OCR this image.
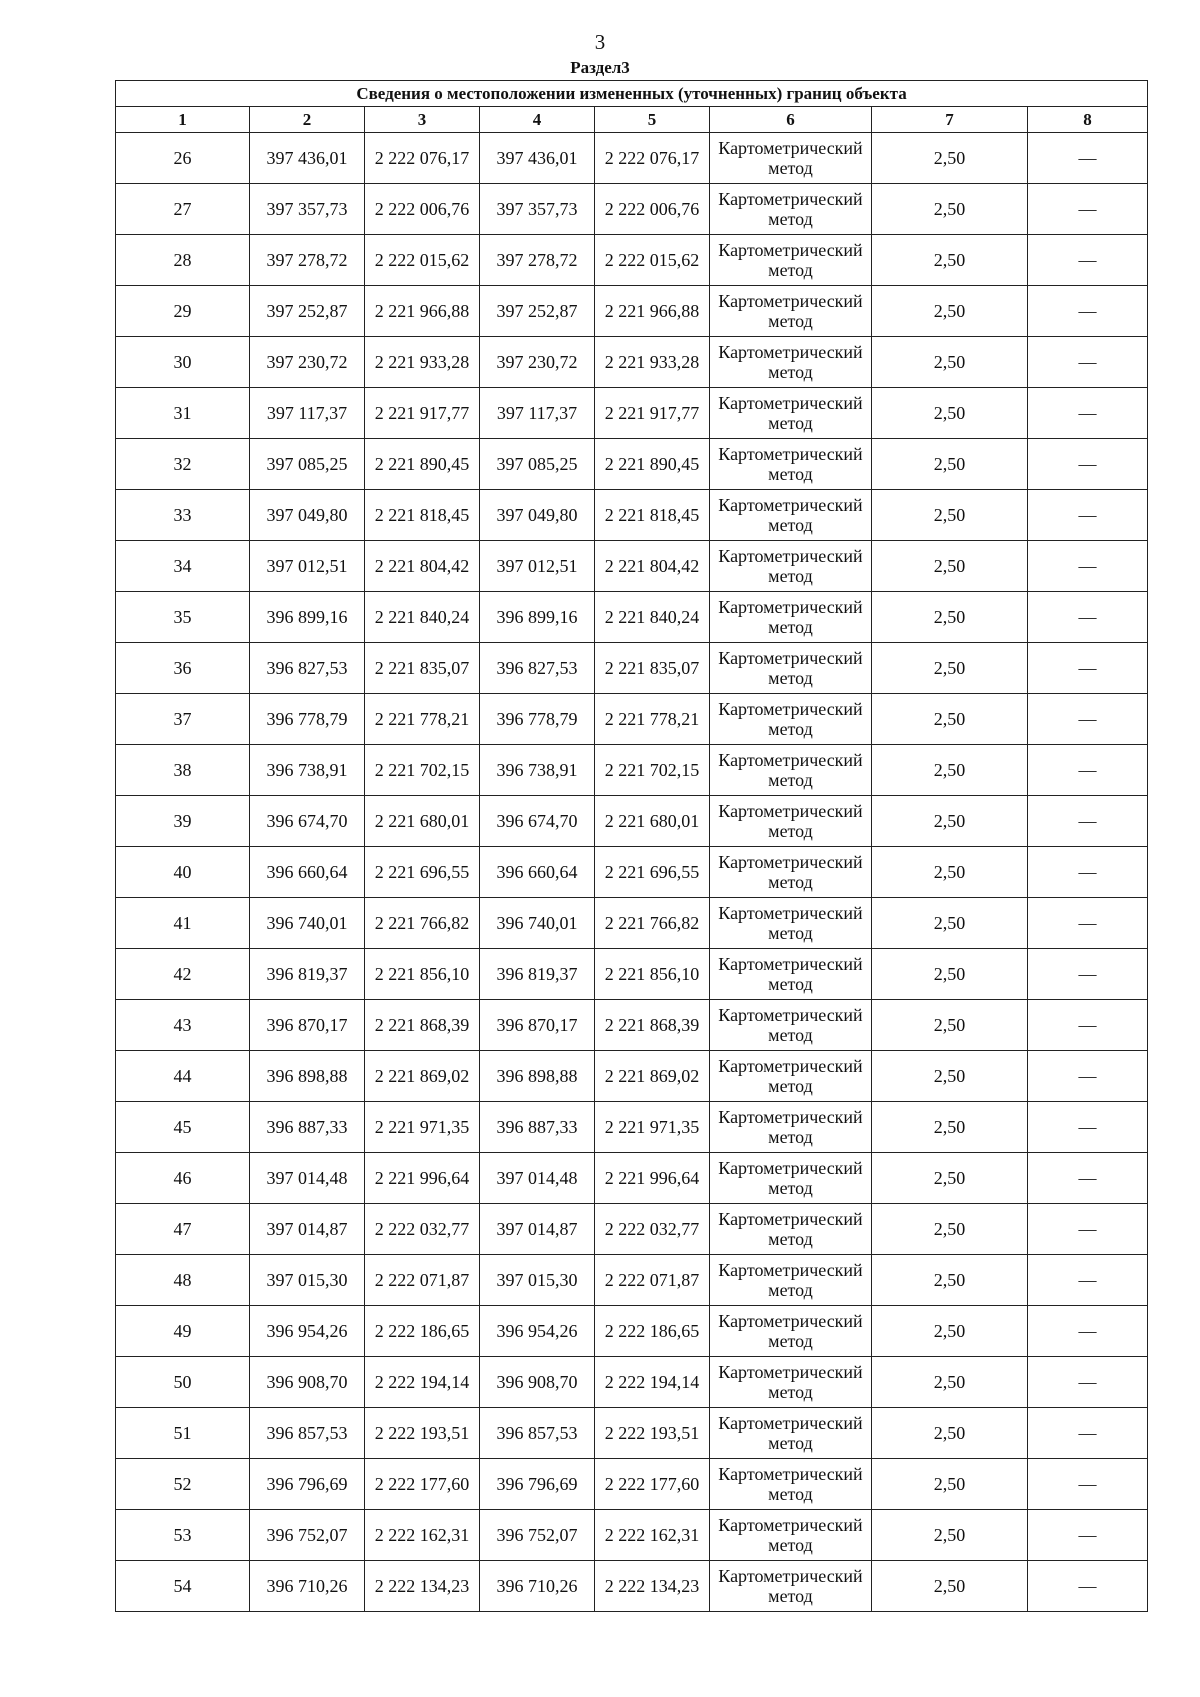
3
Раздел3
Сведения о местоположении измененных (уточненных) границ объекта							
1	2	3	4	5	6	7	8
26	397 436,01	2 222 076,17	397 436,01	2 222 076,17	Картометрический метод	2,50	—
27	397 357,73	2 222 006,76	397 357,73	2 222 006,76	Картометрический метод	2,50	—
28	397 278,72	2 222 015,62	397 278,72	2 222 015,62	Картометрический метод	2,50	—
29	397 252,87	2 221 966,88	397 252,87	2 221 966,88	Картометрический метод	2,50	—
30	397 230,72	2 221 933,28	397 230,72	2 221 933,28	Картометрический метод	2,50	—
31	397 117,37	2 221 917,77	397 117,37	2 221 917,77	Картометрический метод	2,50	—
32	397 085,25	2 221 890,45	397 085,25	2 221 890,45	Картометрический метод	2,50	—
33	397 049,80	2 221 818,45	397 049,80	2 221 818,45	Картометрический метод	2,50	—
34	397 012,51	2 221 804,42	397 012,51	2 221 804,42	Картометрический метод	2,50	—
35	396 899,16	2 221 840,24	396 899,16	2 221 840,24	Картометрический метод	2,50	—
36	396 827,53	2 221 835,07	396 827,53	2 221 835,07	Картометрический метод	2,50	—
37	396 778,79	2 221 778,21	396 778,79	2 221 778,21	Картометрический метод	2,50	—
38	396 738,91	2 221 702,15	396 738,91	2 221 702,15	Картометрический метод	2,50	—
39	396 674,70	2 221 680,01	396 674,70	2 221 680,01	Картометрический метод	2,50	—
40	396 660,64	2 221 696,55	396 660,64	2 221 696,55	Картометрический метод	2,50	—
41	396 740,01	2 221 766,82	396 740,01	2 221 766,82	Картометрический метод	2,50	—
42	396 819,37	2 221 856,10	396 819,37	2 221 856,10	Картометрический метод	2,50	—
43	396 870,17	2 221 868,39	396 870,17	2 221 868,39	Картометрический метод	2,50	—
44	396 898,88	2 221 869,02	396 898,88	2 221 869,02	Картометрический метод	2,50	—
45	396 887,33	2 221 971,35	396 887,33	2 221 971,35	Картометрический метод	2,50	—
46	397 014,48	2 221 996,64	397 014,48	2 221 996,64	Картометрический метод	2,50	—
47	397 014,87	2 222 032,77	397 014,87	2 222 032,77	Картометрический метод	2,50	—
48	397 015,30	2 222 071,87	397 015,30	2 222 071,87	Картометрический метод	2,50	—
49	396 954,26	2 222 186,65	396 954,26	2 222 186,65	Картометрический метод	2,50	—
50	396 908,70	2 222 194,14	396 908,70	2 222 194,14	Картометрический метод	2,50	—
51	396 857,53	2 222 193,51	396 857,53	2 222 193,51	Картометрический метод	2,50	—
52	396 796,69	2 222 177,60	396 796,69	2 222 177,60	Картометрический метод	2,50	—
53	396 752,07	2 222 162,31	396 752,07	2 222 162,31	Картометрический метод	2,50	—
54	396 710,26	2 222 134,23	396 710,26	2 222 134,23	Картометрический метод	2,50	—
